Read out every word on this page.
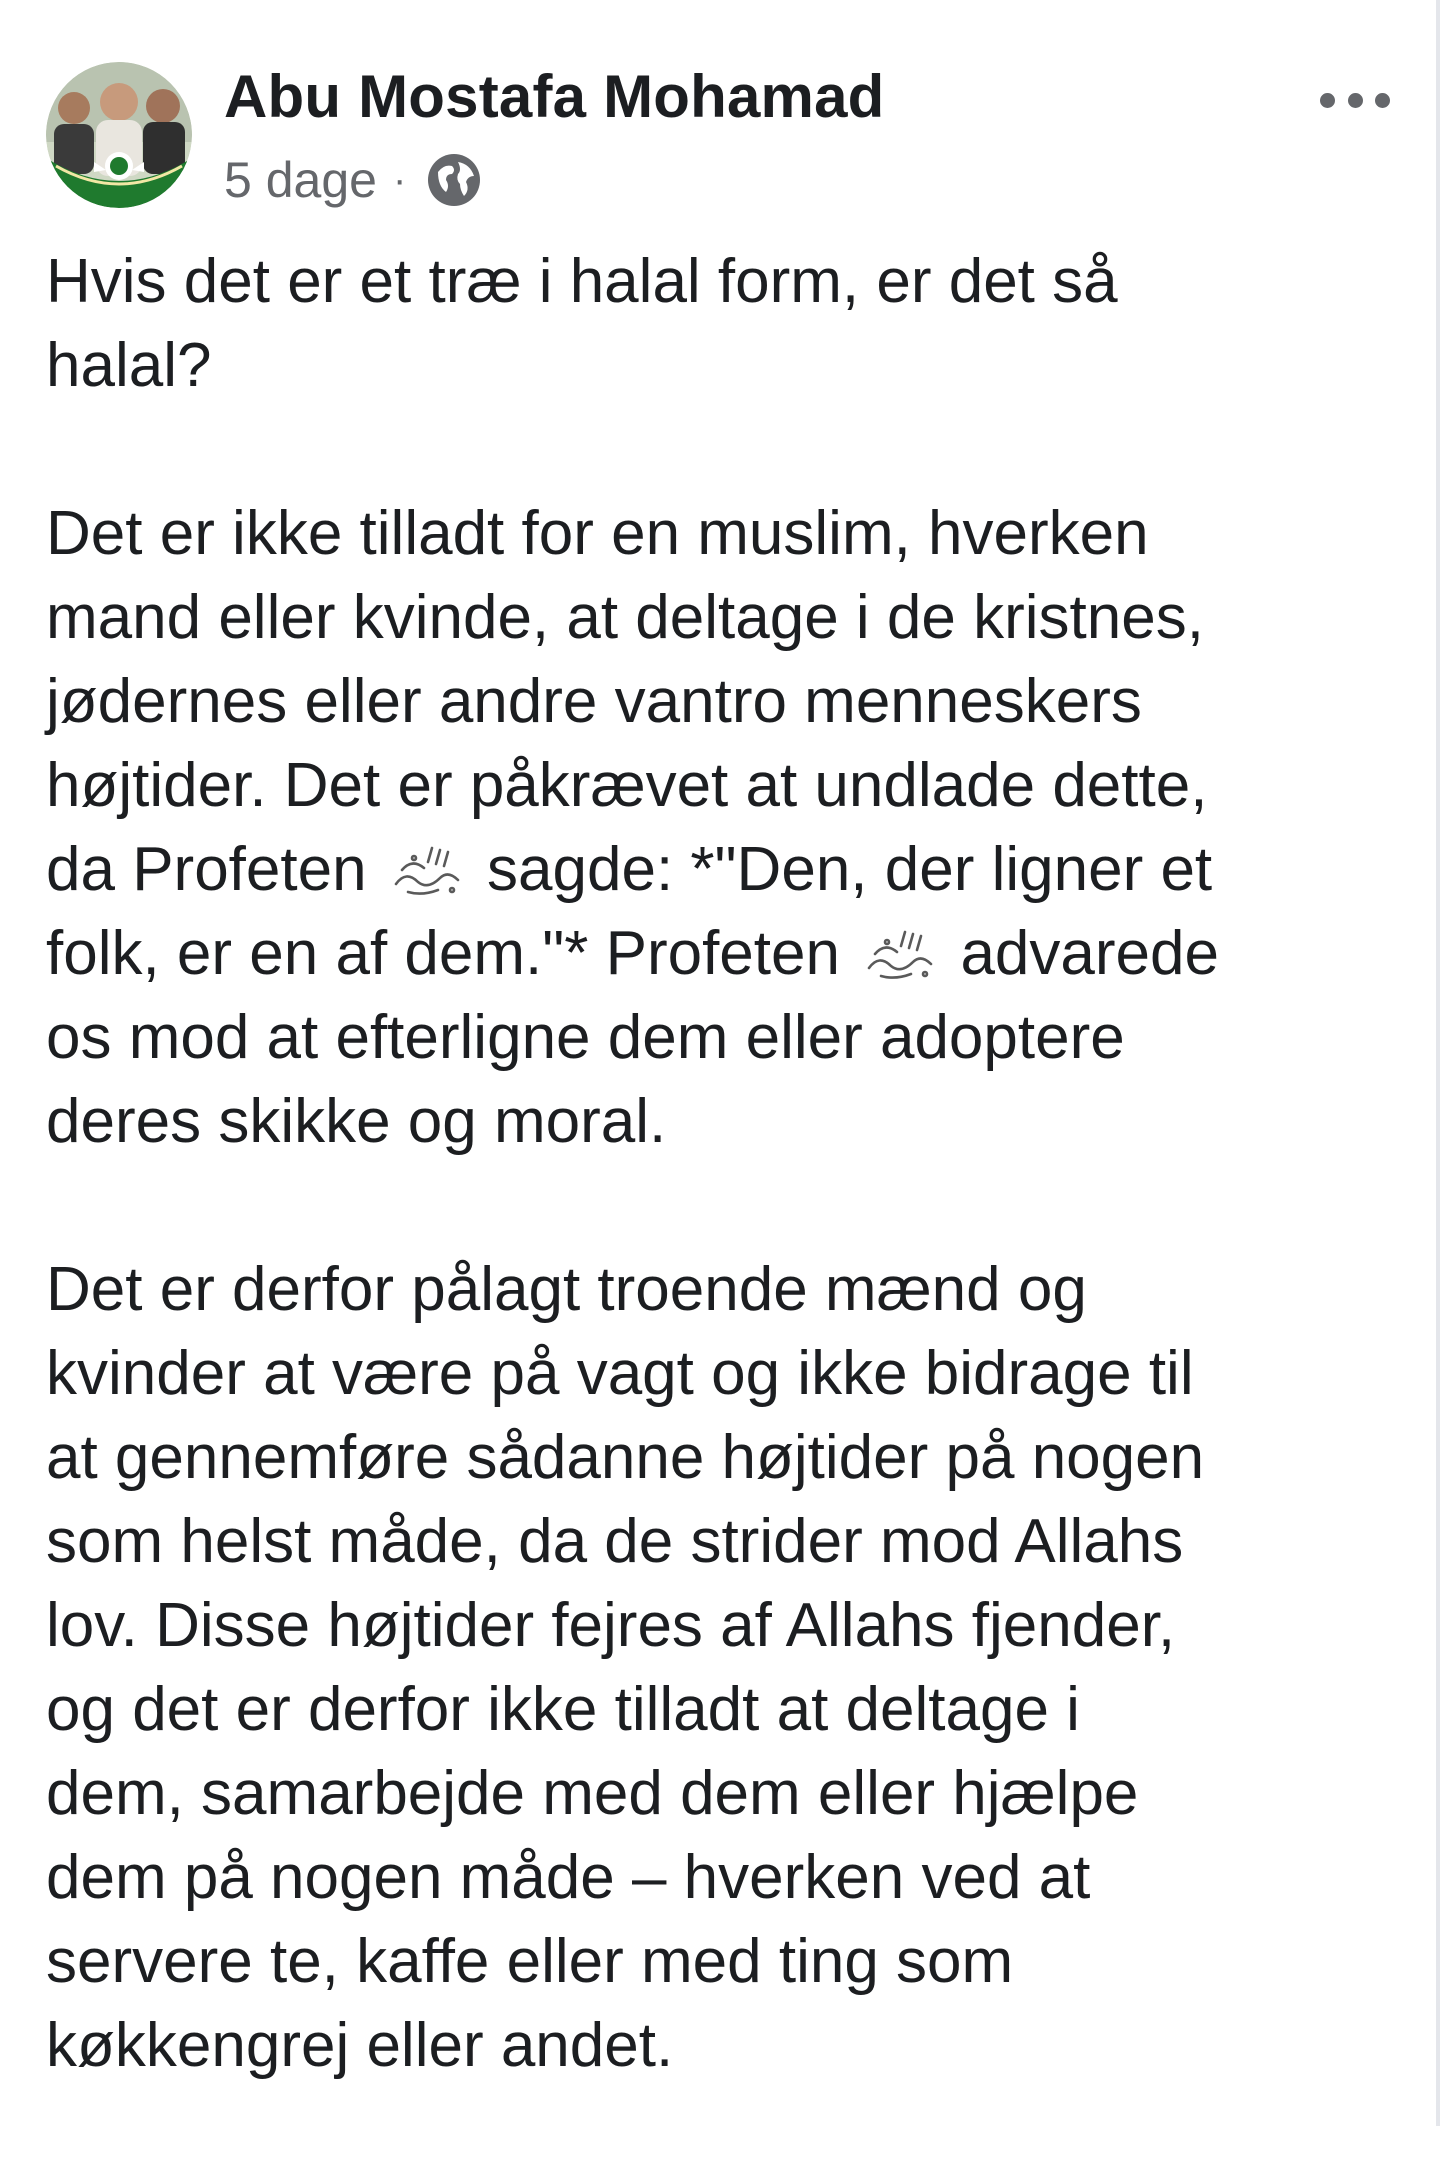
Abu Mostafa Mohamad
5 dage ·
Hvis det er et træ i halal form, er det så
halal?
Det er ikke tilladt for en muslim, hverken
mand eller kvinde, at deltage i de kristnes,
jødernes eller andre vantro menneskers
højtider. Det er påkrævet at undlade dette,
da Profeten sagde: *"Den, der ligner et
folk, er en af dem."* Profeten advarede
os mod at efterligne dem eller adoptere
deres skikke og moral.
Det er derfor pålagt troende mænd og
kvinder at være på vagt og ikke bidrage til
at gennemføre sådanne højtider på nogen
som helst måde, da de strider mod Allahs
lov. Disse højtider fejres af Allahs fjender,
og det er derfor ikke tilladt at deltage i
dem, samarbejde med dem eller hjælpe
dem på nogen måde – hverken ved at
servere te, kaffe eller med ting som
køkkengrej eller andet.
